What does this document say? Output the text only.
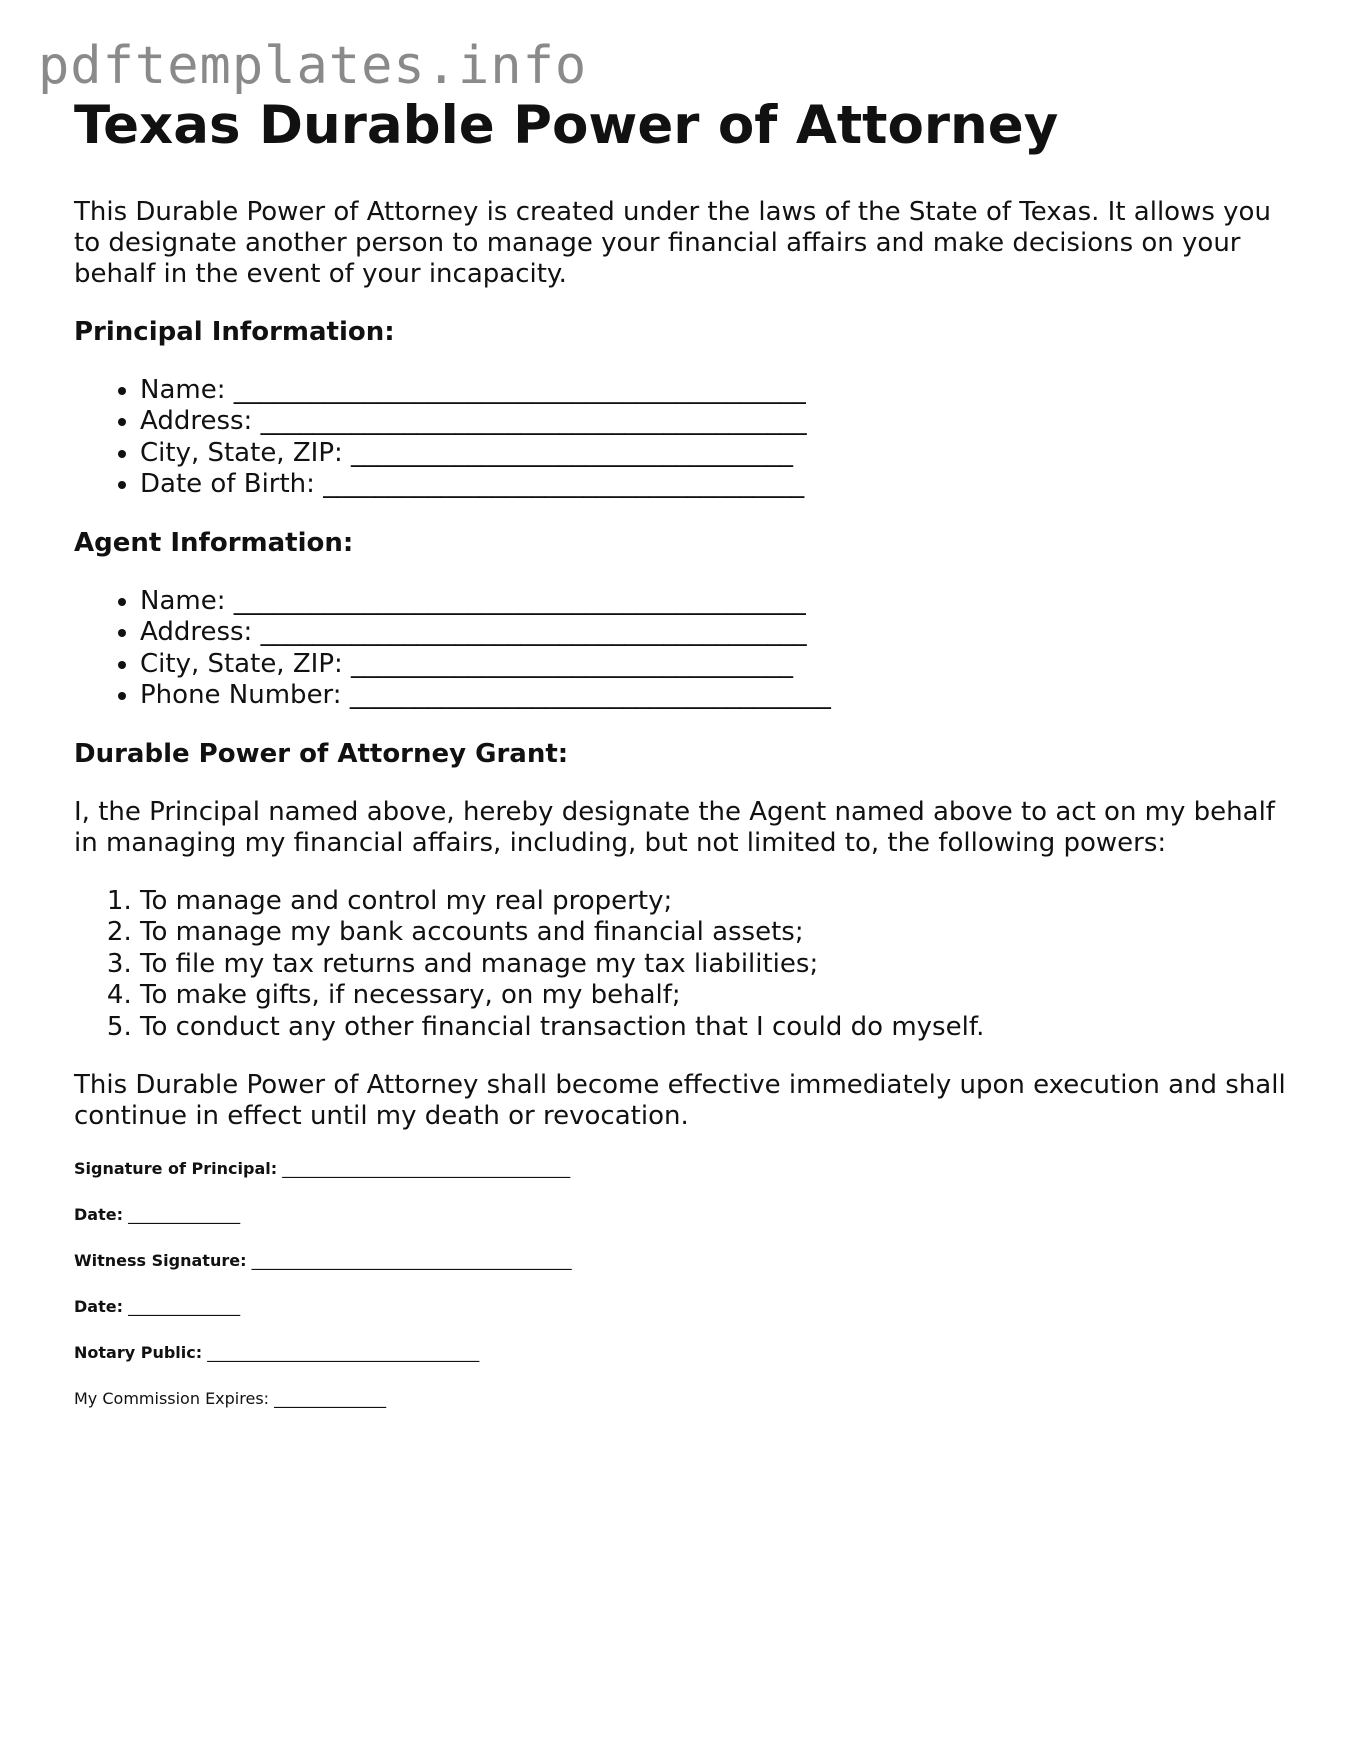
pdftemplates.info
Texas Durable Power of Attorney

This Durable Power of Attorney is created under the laws of the State of Texas. It allows you to designate another person to manage your financial affairs and make decisions on your behalf in the event of your incapacity.

Principal Information:
• Name: ____________________________________________
• Address: __________________________________________
• City, State, ZIP: __________________________________
• Date of Birth: _____________________________________
Agent Information:
• Name: ____________________________________________
• Address: __________________________________________
• City, State, ZIP: __________________________________
• Phone Number: _____________________________________
Durable Power of Attorney Grant:

I, the Principal named above, hereby designate the Agent named above to act on my behalf in managing my financial affairs, including, but not limited to, the following powers:

1. To manage and control my real property;
2. To manage my bank accounts and financial assets;
3. To file my tax returns and manage my tax liabilities;
4. To make gifts, if necessary, on my behalf;
5. To conduct any other financial transaction that I could do myself.

This Durable Power of Attorney shall become effective immediately upon execution and shall continue in effect until my death or revocation.

Signature of Principal: ____________________________________
Date: ______________
Witness Signature: ________________________________________
Date: ______________
Notary Public: __________________________________
My Commission Expires: ______________
